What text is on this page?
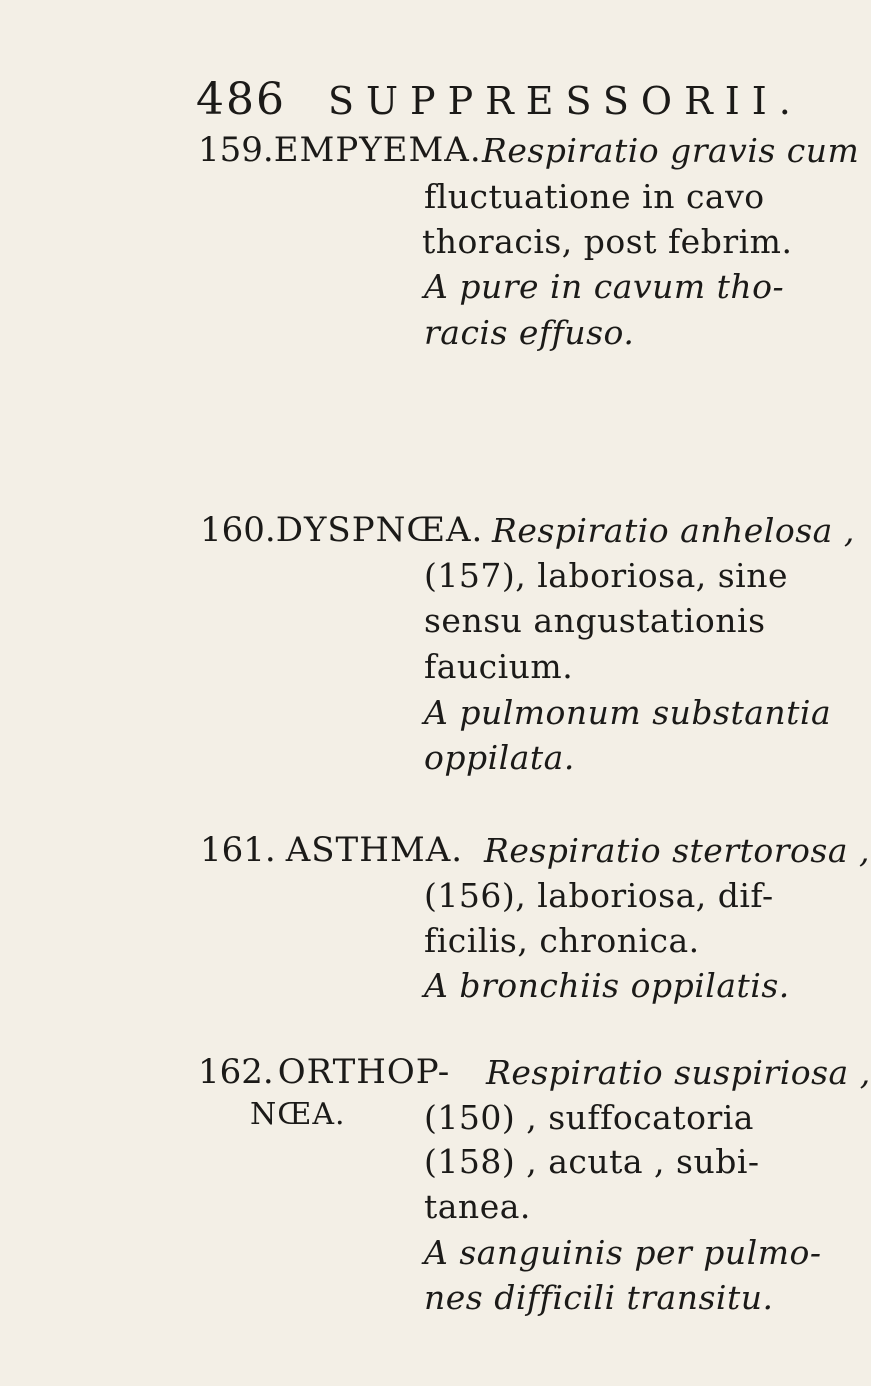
486 SUPPRESSORII.
159.EMPYEMA. Respiratio gravis cum
fluctuatione in cavo
thoracis, post febrim.
A pure in cavum tho-
racis effuso.
160.DYSPNŒA. Respiratio anhelosa ,
(157), laboriosa, sine
sensu angustationis
faucium.
A pulmonum substantia
oppilata.
161. ASTHMA. Respiratio stertorosa ,
(156), laboriosa, dif-
ficilis, chronica.
A bronchiis oppilatis.
162. ORTHOP-
NŒA.
Respiratio suspiriosa ,
(150) , suffocatoria
(158) , acuta , subi-
tanea.
A sanguinis per pulmo-
nes difficili transitu.
